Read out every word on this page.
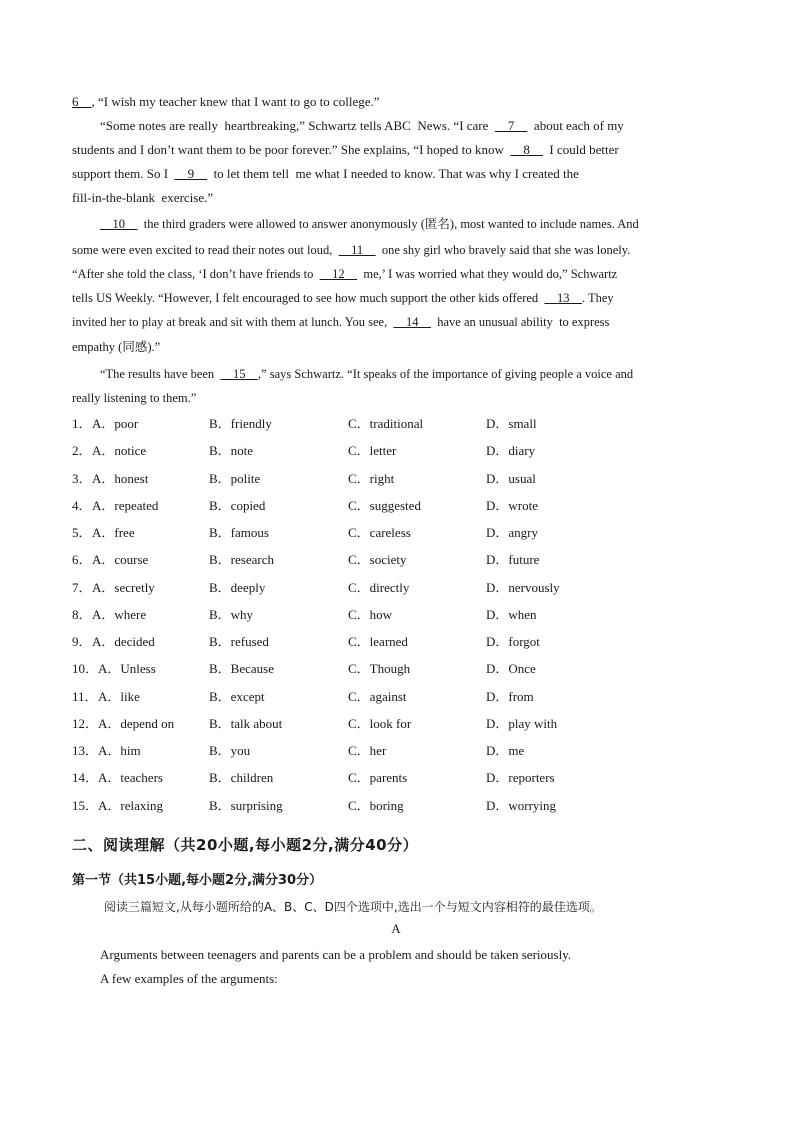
6 , “I wish my teacher knew that I want to go to college.”
“Some notes are really  heartbreaking,” Schwartz tells ABC  News. “I care      7      about each of my
students and I don’t want them to be poor forever.” She explains, “I hoped to know      8      I could better
support them. So I      9      to let them tell  me what I needed to know. That was why I created the
fill-in-the-blank  exercise.”
10      the third graders were allowed to answer anonymously (匿名), most wanted to include names. And
some were even excited to read their notes out loud,      11      one shy girl who bravely said that she was lonely.
“After she told the class, ‘I don’t have friends to      12      me,’ I was worried what they would do,” Schwartz
tells US Weekly. “However, I felt encouraged to see how much support the other kids offered      13 . They
invited her to play at break and sit with them at lunch. You see,      14      have an unusual ability  to express
empathy (同感).”
“The results have been      15 ,” says Schwartz. “It speaks of the importance of giving people a voice and
really listening to them.”
1． A．poor	B．friendly	C．traditional	D．small
2． A．notice	B．note	C．letter	D．diary
3． A．honest	B．polite	C．right	D．usual
4． A．repeated	B．copied	C．suggested	D．wrote
5． A．free	B．famous	C．careless	D．angry
6． A．course	B．research	C．society	D．future
7． A．secretly	B．deeply	C．directly	D．nervously
8． A．where	B．why	C．how	D．when
9． A．decided	B．refused	C．learned	D．forgot
10． A．Unless	B．Because	C．Though	D．Once
11． A．like	B．except	C．against	D．from
12． A．depend on	B．talk about	C．look for	D．play with
13． A．him	B．you	C．her	D．me
14． A．teachers	B．children	C．parents	D．reporters
15． A．relaxing	B．surprising	C．boring	D．worrying
二、阅读理解（共20小题,每小题2分,满分40分）
第一节（共15小题,每小题2分,满分30分）
阅读三篇短文,从每小题所给的A、B、C、D四个选项中,选出一个与短文内容相符的最佳选项。
A
Arguments between teenagers and parents can be a problem and should be taken seriously.
A few examples of the arguments:
